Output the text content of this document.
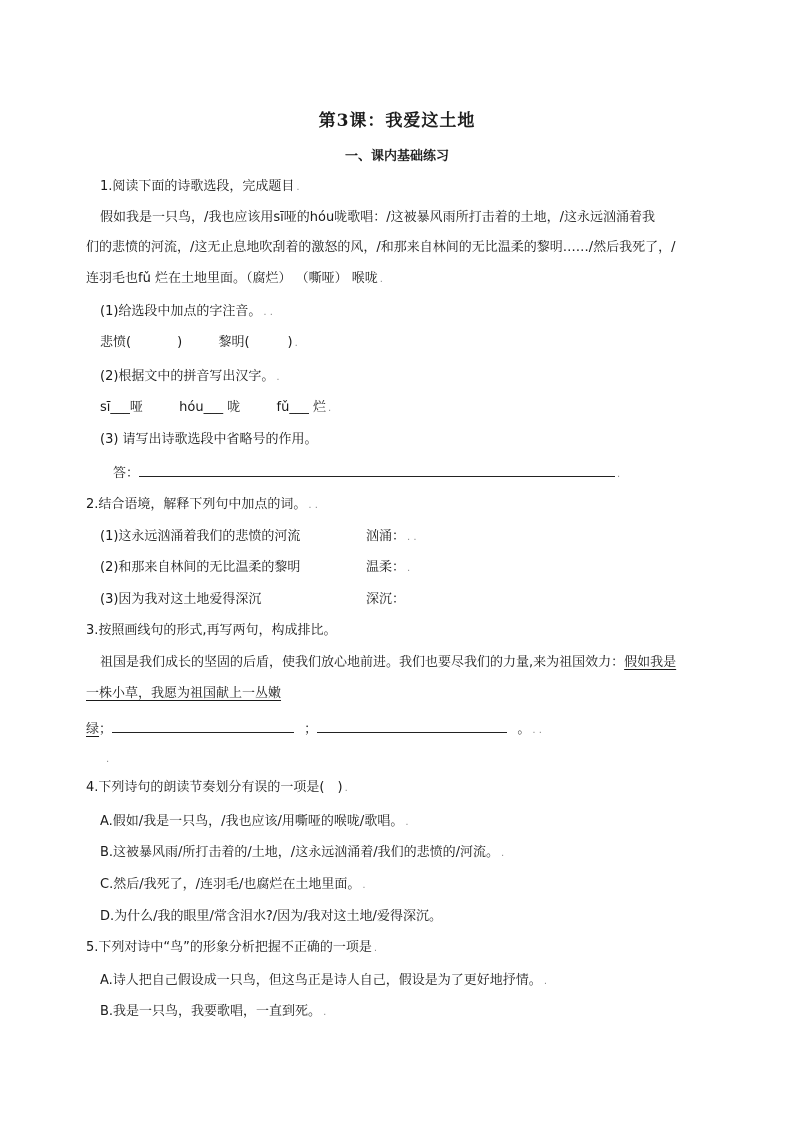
第3课：我爱这土地
一、课内基础练习
1.阅读下面的诗歌选段，完成题目 .
假如我是一只鸟，/我也应该用sī哑的hóu咙歌唱：/这被暴风雨所打击着的土地，/这永远汹涌着我
们的悲愤的河流，/这无止息地吹刮着的激怒的风，/和那来自林间的无比温柔的黎明……/然后我死了，/
连羽毛也fǔ 烂在土地里面。（腐烂） （嘶哑） 喉咙 .
(1)给选段中加点的字注音。 . .
悲愤(	)	黎明(	) .
(2)根据文中的拼音写出汉字。 .
sī___哑	hóu___ 咙	fǔ___ 烂 .
(3) 请写出诗歌选段中省略号的作用。
答：	.
2.结合语境，解释下列句中加点的词。 . .
(1)这永远汹涌着我们的悲愤的河流	汹涌： . .
(2)和那来自林间的无比温柔的黎明	温柔： .
(3)因为我对这土地爱得深沉	深沉：
3.按照画线句的形式,再写两句，构成排比。
祖国是我们成长的坚固的后盾，使我们放心地前进。我们也要尽我们的力量,来为祖国效力：假如我是
一株小草，我愿为祖国献上一丛嫩
绿；	；	。 . .
.
4.下列诗句的朗读节奏划分有误的一项是(　) .
A.假如/我是一只鸟，/我也应该/用嘶哑的喉咙/歌唱。 .
B.这被暴风雨/所打击着的/土地，/这永远汹涌着/我们的悲愤的/河流。 .
C.然后/我死了，/连羽毛/也腐烂在土地里面。 .
D.为什么/我的眼里/常含泪水?/因为/我对这土地/爱得深沉。
5.下列对诗中“鸟”的形象分析把握不正确的一项是 .
A.诗人把自己假设成一只鸟，但这鸟正是诗人自己，假设是为了更好地抒情。 .
B.我是一只鸟，我要歌唱，一直到死。 .
